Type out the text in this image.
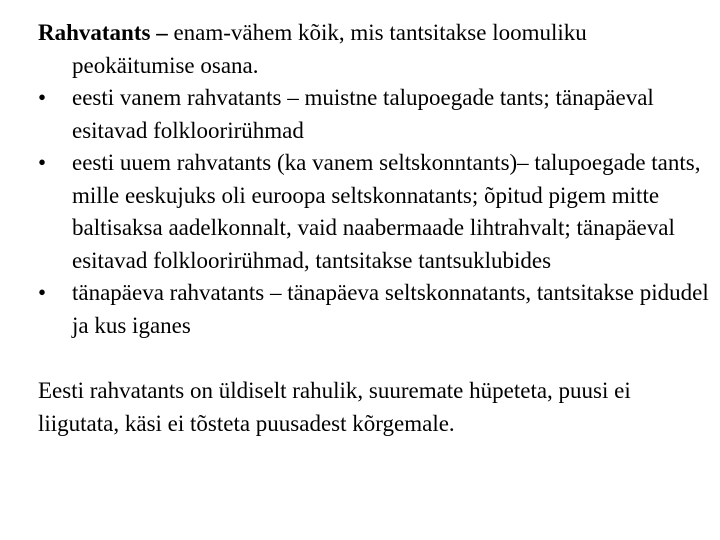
Rahvatants – enam-vähem kõik, mis tantsitakse loomuliku peokäitumise osana.

•	eesti vanem rahvatants – muistne talupoegade tants; tänapäeval esitavad folkloorirühmad
•	eesti uuem rahvatants (ka vanem seltskonntants)– talupoegade tants, mille eeskujuks oli euroopa seltskonnatants; õpitud pigem mitte baltisaksa aadelkonnalt, vaid naabermaade lihtrahvalt; tänapäeval esitavad folkloorirühmad, tantsitakse tantsuklubides
•	tänapäeva rahvatants – tänapäeva seltskonnatants, tantsitakse pidudel ja kus iganes

Eesti rahvatants on üldiselt rahulik, suuremate hüpeteta, puusi ei liigutata, käsi ei tõsteta puusadest kõrgemale.
